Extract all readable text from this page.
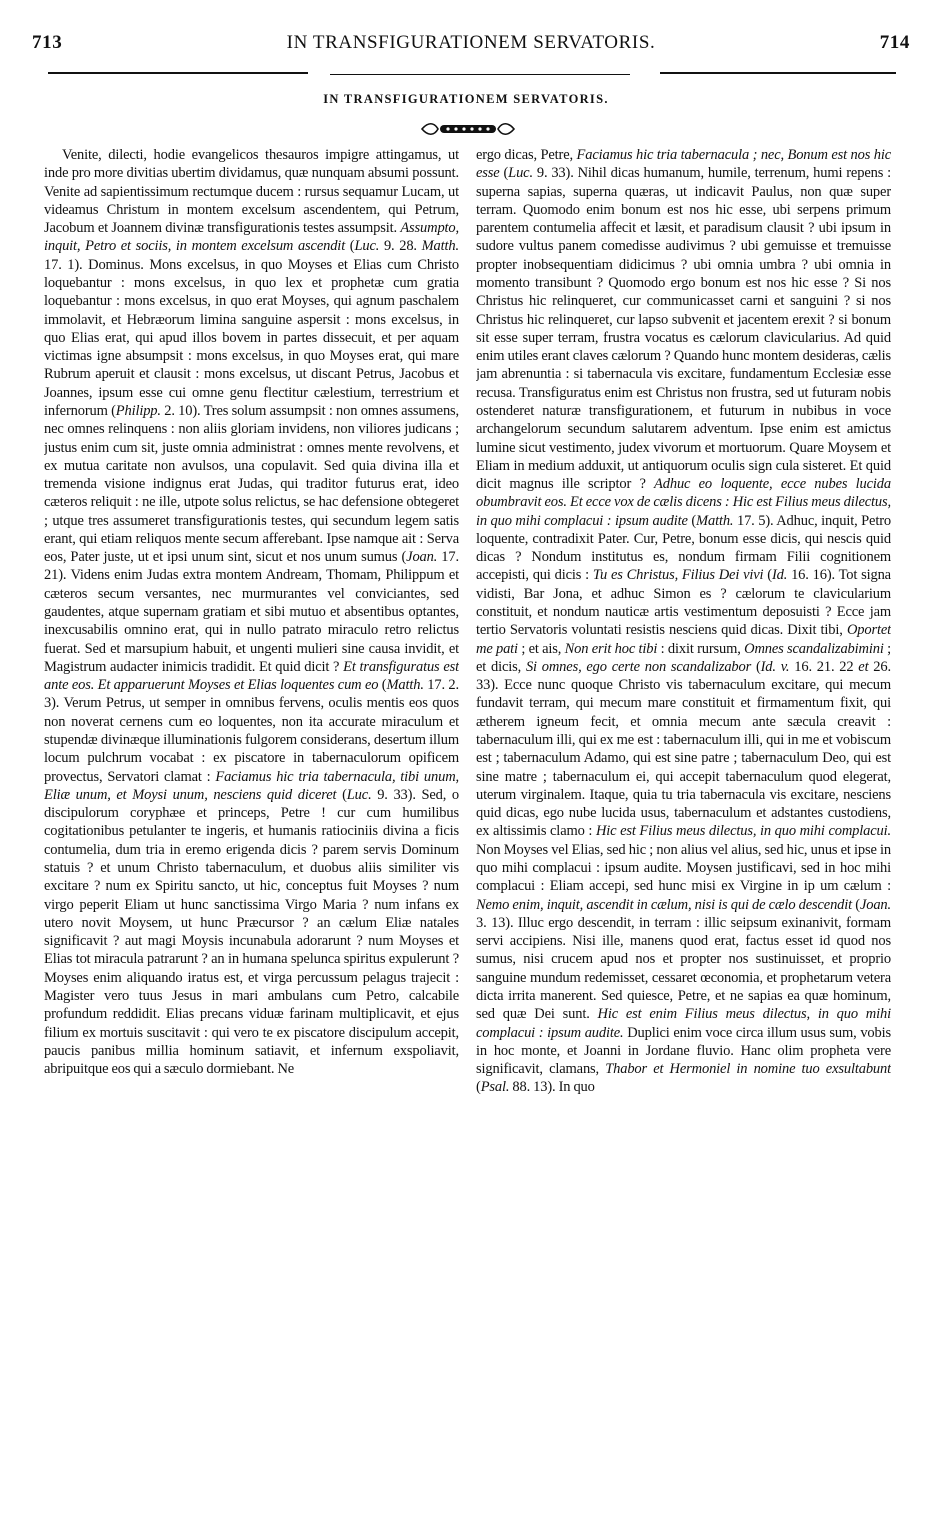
713	IN TRANSFIGURATIONEM SERVATORIS.	714
IN TRANSFIGURATIONEM SERVATORIS.

Venite, dilecti, hodie evangelicos thesauros impigre attingamus, ut inde pro more divitias ubertim dividamus, quæ nunquam absumi possunt. Venite ad sapientissimum rectumque ducem : rursus sequamur Lucam, ut videamus Christum in montem excelsum ascendentem, qui Petrum, Jacobum et Joannem divinæ transfigurationis testes assumpsit. Assumpto, inquit, Petro et sociis, in montem excelsum ascendit (Luc. 9. 28. Matth. 17. 1). Dominus. Mons excelsus, in quo Moyses et Elias cum Christo loquebantur : mons excelsus, in quo lex et prophetæ cum gratia loquebantur : mons excelsus, in quo erat Moyses, qui agnum paschalem immolavit, et Hebræorum limina sanguine aspersit : mons excelsus, in quo Elias erat, qui apud illos bovem in partes dissecuit, et per aquam victimas igne absumpsit : mons excelsus, in quo Moyses erat, qui mare Rubrum aperuit et clausit : mons excelsus, ut discant Petrus, Jacobus et Joannes, ipsum esse cui omne genu flectitur cælestium, terrestrium et infernorum (Philipp. 2. 10). Tres solum assumpsit : non omnes assumens, nec omnes relinquens : non aliis gloriam invidens, non viliores judicans ; justus enim cum sit, juste omnia administrat : omnes mente revolvens, et ex mutua caritate non avulsos, una copulavit. Sed quia divina illa et tremenda visione indignus erat Judas, qui traditor futurus erat, ideo cæteros reliquit : ne ille, utpote solus relictus, se hac defensione obtegeret ; utque tres assumeret transfigurationis testes, qui secundum legem satis erant, qui etiam reliquos mente secum afferebant. Ipse namque ait : Serva eos, Pater juste, ut et ipsi unum sint, sicut et nos unum sumus (Joan. 17. 21). Videns enim Judas extra montem Andream, Thomam, Philippum et cæteros secum versantes, nec murmurantes vel conviciantes, sed gaudentes, atque supernam gratiam et sibi mutuo et absentibus optantes, inexcusabilis omnino erat, qui in nullo patrato miraculo retro relictus fuerat. Sed et marsupium habuit, et ungenti mulieri sine causa invidit, et Magistrum audacter inimicis tradidit. Et quid dicit ? Et transfiguratus est ante eos. Et apparuerunt Moyses et Elias loquentes cum eo (Matth. 17. 2. 3). Verum Petrus, ut semper in omnibus fervens, oculis mentis eos quos non noverat cernens cum eo loquentes, non ita accurate miraculum et stupendæ divinæque illuminationis fulgorem considerans, desertum illum locum pulchrum vocabat : ex piscatore in tabernaculorum opificem provectus, Servatori clamat : Faciamus hic tria tabernacula, tibi unum, Eliæ unum, et Moysi unum, nesciens quid diceret (Luc. 9. 33). Sed, o discipulorum coryphæe et princeps, Petre ! cur cum humilibus cogitationibus petulanter te ingeris, et humanis ratiociniis divina a ficis contumelia, dum tria in eremo erigenda dicis ? parem servis Dominum statuis ? et unum Christo tabernaculum, et duobus aliis similiter vis excitare ? num ex Spiritu sancto, ut hic, conceptus fuit Moyses ? num virgo peperit Eliam ut hunc sanctissima Virgo Maria ? num infans ex utero novit Moysem, ut hunc Præcursor ? an cælum Eliæ natales significavit ? aut magi Moysis incunabula adorarunt ? num Moyses et Elias tot miracula patrarunt ? an in humana spelunca spiritus expulerunt ? Moyses enim aliquando iratus est, et virga percussum pelagus trajecit : Magister vero tuus Jesus in mari ambulans cum Petro, calcabile profundum reddidit. Elias precans viduæ farinam multiplicavit, et ejus filium ex mortuis suscitavit : qui vero te ex piscatore discipulum accepit, paucis panibus millia hominum satiavit, et infernum exspoliavit, abripuitque eos qui a sæculo dormiebant. Ne

ergo dicas, Petre, Faciamus hic tria tabernacula ; nec, Bonum est nos hic esse (Luc. 9. 33). Nihil dicas humanum, humile, terrenum, humi repens : superna sapias, superna quæras, ut indicavit Paulus, non quæ super terram. Quomodo enim bonum est nos hic esse, ubi serpens primum parentem contumelia affecit et læsit, et paradisum clausit ? ubi ipsum in sudore vultus panem comedisse audivimus ? ubi gemuisse et tremuisse propter inobsequentiam didicimus ? ubi omnia umbra ? ubi omnia in momento transibunt ? Quomodo ergo bonum est nos hic esse ? Si nos Christus hic relinqueret, cur communicasset carni et sanguini ? si nos Christus hic relinqueret, cur lapso subvenit et jacentem erexit ? si bonum sit esse super terram, frustra vocatus es cælorum clavicularius. Ad quid enim utiles erant claves cælorum ? Quando hunc montem desideras, cælis jam abrenuntia : si tabernacula vis excitare, fundamentum Ecclesiæ esse recusa. Transfiguratus enim est Christus non frustra, sed ut futuram nobis ostenderet naturæ transfigurationem, et futurum in nubibus in voce archangelorum secundum salutarem adventum. Ipse enim est amictus lumine sicut vestimento, judex vivorum et mortuorum. Quare Moysem et Eliam in medium adduxit, ut antiquorum oculis sign cula sisteret. Et quid dicit magnus ille scriptor ? Adhuc eo loquente, ecce nubes lucida obumbravit eos. Et ecce vox de cælis dicens : Hic est Filius meus dilectus, in quo mihi complacui : ipsum audite (Matth. 17. 5). Adhuc, inquit, Petro loquente, contradixit Pater. Cur, Petre, bonum esse dicis, qui nescis quid dicas ? Nondum institutus es, nondum firmam Filii cognitionem accepisti, qui dicis : Tu es Christus, Filius Dei vivi (Id. 16. 16). Tot signa vidisti, Bar Jona, et adhuc Simon es ? cælorum te clavicularium constituit, et nondum nauticæ artis vestimentum deposuisti ? Ecce jam tertio Servatoris voluntati resistis nesciens quid dicas. Dixit tibi, Oportet me pati ; et ais, Non erit hoc tibi : dixit rursum, Omnes scandalizabimini ; et dicis, Si omnes, ego certe non scandalizabor (Id. v. 16. 21. 22 et 26. 33). Ecce nunc quoque Christo vis tabernaculum excitare, qui mecum fundavit terram, qui mecum mare constituit et firmamentum fixit, qui ætherem igneum fecit, et omnia mecum ante sæcula creavit : tabernaculum illi, qui ex me est : tabernaculum illi, qui in me et vobiscum est ; tabernaculum Adamo, qui est sine patre ; tabernaculum Deo, qui est sine matre ; tabernaculum ei, qui accepit tabernaculum quod elegerat, uterum virginalem. Itaque, quia tu tria tabernacula vis excitare, nesciens quid dicas, ego nube lucida usus, tabernaculum et adstantes custodiens, ex altissimis clamo : Hic est Filius meus dilectus, in quo mihi complacui. Non Moyses vel Elias, sed hic ; non alius vel alius, sed hic, unus et ipse in quo mihi complacui : ipsum audite. Moysen justificavi, sed in hoc mihi complacui : Eliam accepi, sed hunc misi ex Virgine in ip um cælum : Nemo enim, inquit, ascendit in cælum, nisi is qui de cælo descendit (Joan. 3. 13). Illuc ergo descendit, in terram : illic seipsum exinanivit, formam servi accipiens. Nisi ille, manens quod erat, factus esset id quod nos sumus, nisi crucem apud nos et propter nos sustinuisset, et proprio sanguine mundum redemisset, cessaret œconomia, et prophetarum vetera dicta irrita manerent. Sed quiesce, Petre, et ne sapias ea quæ hominum, sed quæ Dei sunt. Hic est enim Filius meus dilectus, in quo mihi complacui : ipsum audite. Duplici enim voce circa illum usus sum, vobis in hoc monte, et Joanni in Jordane fluvio. Hanc olim propheta vere significavit, clamans, Thabor et Hermoniel in nomine tuo exsultabunt (Psal. 88. 13). In quo
